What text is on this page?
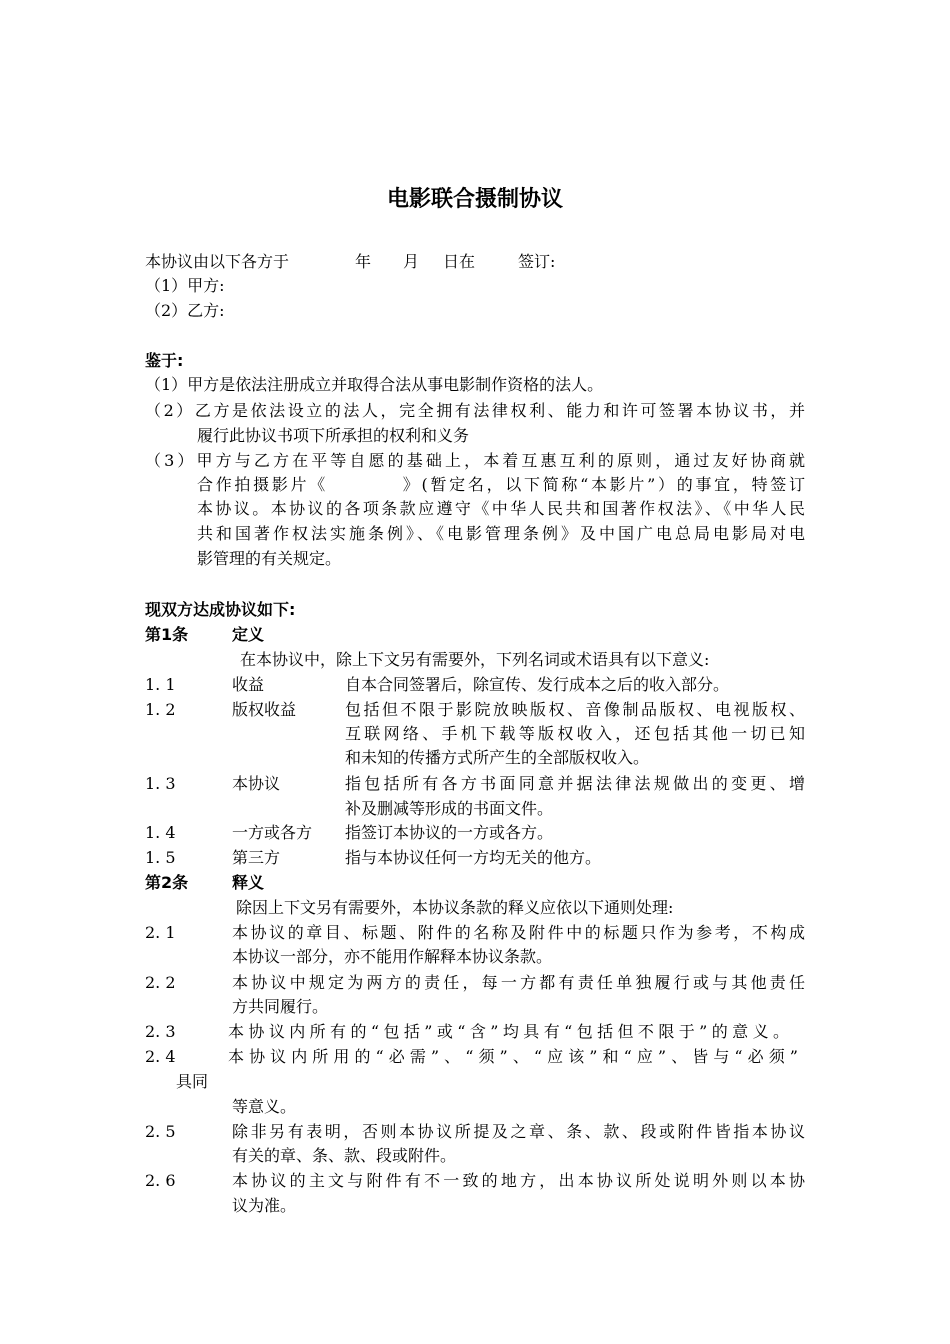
电影联合摄制协议
本协议由以下各方于	年 月 日在	签订:
（1）甲方:
（2）乙方:
鉴于:
（1）甲方是依法注册成立并取得合法从事电影制作资格的法人。
（2）乙方是依法设立的法人，完全拥有法律权利、能力和许可签署本协议书，并
履行此协议书项下所承担的权利和义务
（3）甲方与乙方在平等自愿的基础上，本着互惠互利的原则，通过友好协商就
合作拍摄影片《　　　　》(暂定名，以下简称“本影片”）的事宜，特签订
本协议。本协议的各项条款应遵守《中华人民共和国著作权法》、《中华人民
共和国著作权法实施条例》、《电影管理条例》及中国广电总局电影局对电
影管理的有关规定。
现双方达成协议如下:
第1条	定义
在本协议中，除上下文另有需要外，下列名词或术语具有以下意义:
1. 1	收益	自本合同签署后，除宣传、发行成本之后的收入部分。
1. 2	版权收益	包括但不限于影院放映版权、音像制品版权、电视版权、
互联网络、手机下载等版权收入，还包括其他一切已知
和未知的传播方式所产生的全部版权收入。
1. 3	本协议	指包括所有各方书面同意并据法律法规做出的变更、增
补及删减等形成的书面文件。
1. 4	一方或各方 指签订本协议的一方或各方。
1. 5	第三方	指与本协议任何一方均无关的他方。
第2条	释义
除因上下文另有需要外，本协议条款的释义应依以下通则处理:
2. 1	本协议的章目、标题、附件的名称及附件中的标题只作为参考，不构成
本协议一部分，亦不能用作解释本协议条款。
2. 2	本协议中规定为两方的责任，每一方都有责任单独履行或与其他责任
方共同履行。
2. 3	本协议内所有的“包括”或“含”均具有“包括但不限于”的意义。
2. 4	本协议内所用的“必需”、“须”、“应该”和“应”、皆与“必须”
具同
等意义。
2. 5	除非另有表明，否则本协议所提及之章、条、款、段或附件皆指本协议
有关的章、条、款、段或附件。
2. 6	本协议的主文与附件有不一致的地方，出本协议所处说明外则以本协
议为准。
